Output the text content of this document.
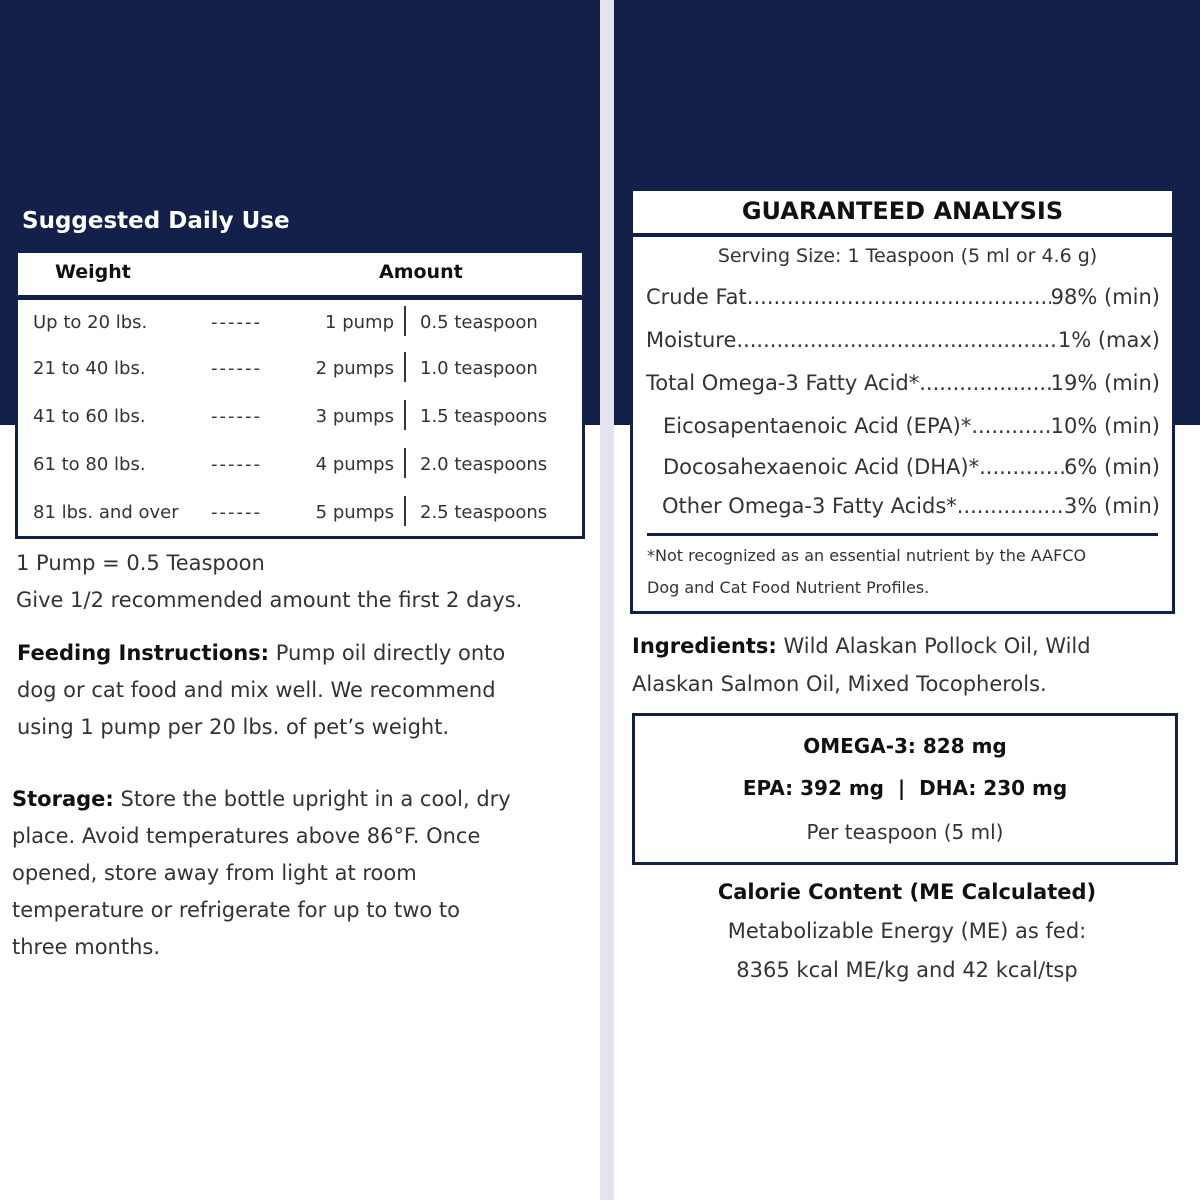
Suggested Daily Use
Weight	Amount
Up to 20 lbs.	------	1 pump 0.5 teaspoon
21 to 40 lbs.	------	2 pumps 1.0 teaspoon
41 to 60 lbs.	------	3 pumps 1.5 teaspoons
61 to 80 lbs.	------	4 pumps 2.0 teaspoons
81 lbs. and over ------	5 pumps 2.5 teaspoons
1 Pump = 0.5 Teaspoon
Give 1/2 recommended amount the first 2 days.
Feeding Instructions: Pump oil directly onto
dog or cat food and mix well. We recommend
using 1 pump per 20 lbs. of pet’s weight.
Storage: Store the bottle upright in a cool, dry
place. Avoid temperatures above 86°F. Once
opened, store away from light at room
temperature or refrigerate for up to two to
three months.
GUARANTEED ANALYSIS
Serving Size: 1 Teaspoon (5 ml or 4.6 g)
Crude Fat .....	98% (min)
Moisture .....	1% (max)
Total Omega-3 Fatty Acid* .....	19% (min)
Eicosapentaenoic Acid (EPA)* .....	10% (min)
Docosahexaenoic Acid (DHA)* .....	6% (min)
Other Omega-3 Fatty Acids* .....	3% (min)
*Not recognized as an essential nutrient by the AAFCO
Dog and Cat Food Nutrient Profiles.
Ingredients: Wild Alaskan Pollock Oil, Wild
Alaskan Salmon Oil, Mixed Tocopherols.
OMEGA-3: 828 mg
EPA: 392 mg  |  DHA: 230 mg
Per teaspoon (5 ml)
Calorie Content (ME Calculated)
Metabolizable Energy (ME) as fed:
8365 kcal ME/kg and 42 kcal/tsp
